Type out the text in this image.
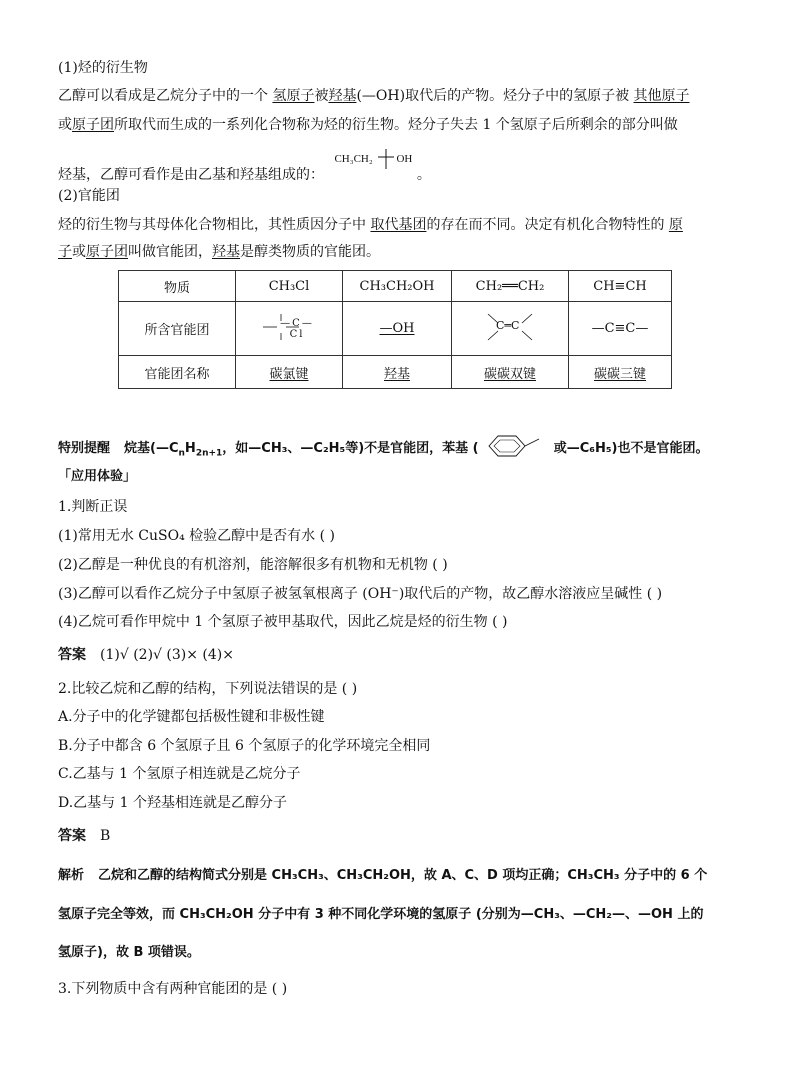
(1)烃的衍生物
乙醇可以看成是乙烷分子中的一个 氢原子被羟基(—OH)取代后的产物。烃分子中的氢原子被 其他原子
或原子团所取代而生成的一系列化合物称为烃的衍生物。烃分子失去 1 个氢原子后所剩余的部分叫做
烃基，乙醇可看作是由乙基和羟基组成的：
CH₃CH₂ OH
。
(2)官能团
烃的衍生物与其母体化合物相比，其性质因分子中 取代基团的存在而不同。决定有机化合物特性的 原
子或原子团叫做官能团，羟基是醇类物质的官能团。
物质	CH₃Cl	CH₃CH₂OH	CH₂══CH₂	CH≡CH
所含官能团	—C—Cl	—OH	C═C	—C≡C—
官能团名称	碳氯键	羟基	碳碳双键	碳碳三键
特别提醒 烷基($—C_nH_{2n+1}$，如—CH₃、—C₂H₅等)不是官能团，苯基 (	或—C₆H₅)也不是官能团。
「应用体验」
1.判断正误
(1)常用无水 CuSO₄ 检验乙醇中是否有水 ( )
(2)乙醇是一种优良的有机溶剂，能溶解很多有机物和无机物 ( )
(3)乙醇可以看作乙烷分子中氢原子被氢氧根离子 (OH⁻)取代后的产物，故乙醇水溶液应呈碱性 ( )
(4)乙烷可看作甲烷中 1 个氢原子被甲基取代，因此乙烷是烃的衍生物 ( )
答案 (1)√ (2)√ (3)× (4)×
2.比较乙烷和乙醇的结构，下列说法错误的是 ( )
A.分子中的化学键都包括极性键和非极性键
B.分子中都含 6 个氢原子且 6 个氢原子的化学环境完全相同
C.乙基与 1 个氢原子相连就是乙烷分子
D.乙基与 1 个羟基相连就是乙醇分子
答案 B
解析 乙烷和乙醇的结构简式分别是 CH₃CH₃、CH₃CH₂OH，故 A、C、D 项均正确；CH₃CH₃ 分子中的 6 个
氢原子完全等效，而 CH₃CH₂OH 分子中有 3 种不同化学环境的氢原子 (分别为—CH₃、—CH₂—、—OH 上的
氢原子)，故 B 项错误。
3.下列物质中含有两种官能团的是 ( )
